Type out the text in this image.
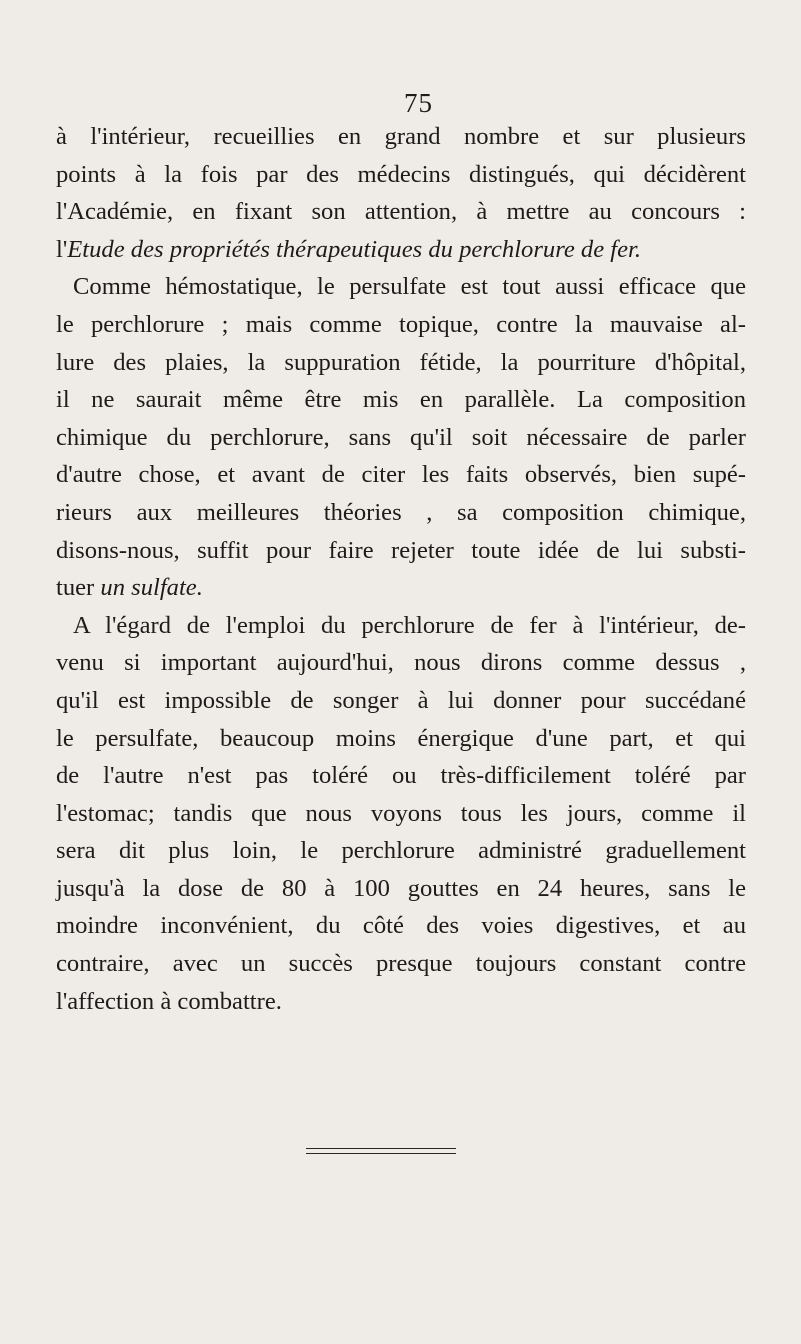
75
à l'intérieur, recueillies en grand nombre et sur plusieurs
points à la fois par des médecins distingués, qui décidèrent
l'Académie, en fixant son attention, à mettre au concours :
l'Etude des propriétés thérapeutiques du perchlorure de fer.
Comme hémostatique, le persulfate est tout aussi efficace que
le perchlorure ; mais comme topique, contre la mauvaise al-
lure des plaies, la suppuration fétide, la pourriture d'hôpital,
il ne saurait même être mis en parallèle. La composition
chimique du perchlorure, sans qu'il soit nécessaire de parler
d'autre chose, et avant de citer les faits observés, bien supé-
rieurs aux meilleures théories , sa composition chimique,
disons-nous, suffit pour faire rejeter toute idée de lui substi-
tuer un sulfate.
A l'égard de l'emploi du perchlorure de fer à l'intérieur, de-
venu si important aujourd'hui, nous dirons comme dessus ,
qu'il est impossible de songer à lui donner pour succédané
le persulfate, beaucoup moins énergique d'une part, et qui
de l'autre n'est pas toléré ou très-difficilement toléré par
l'estomac; tandis que nous voyons tous les jours, comme il
sera dit plus loin, le perchlorure administré graduellement
jusqu'à la dose de 80 à 100 gouttes en 24 heures, sans le
moindre inconvénient, du côté des voies digestives, et au
contraire, avec un succès presque toujours constant contre
l'affection à combattre.
